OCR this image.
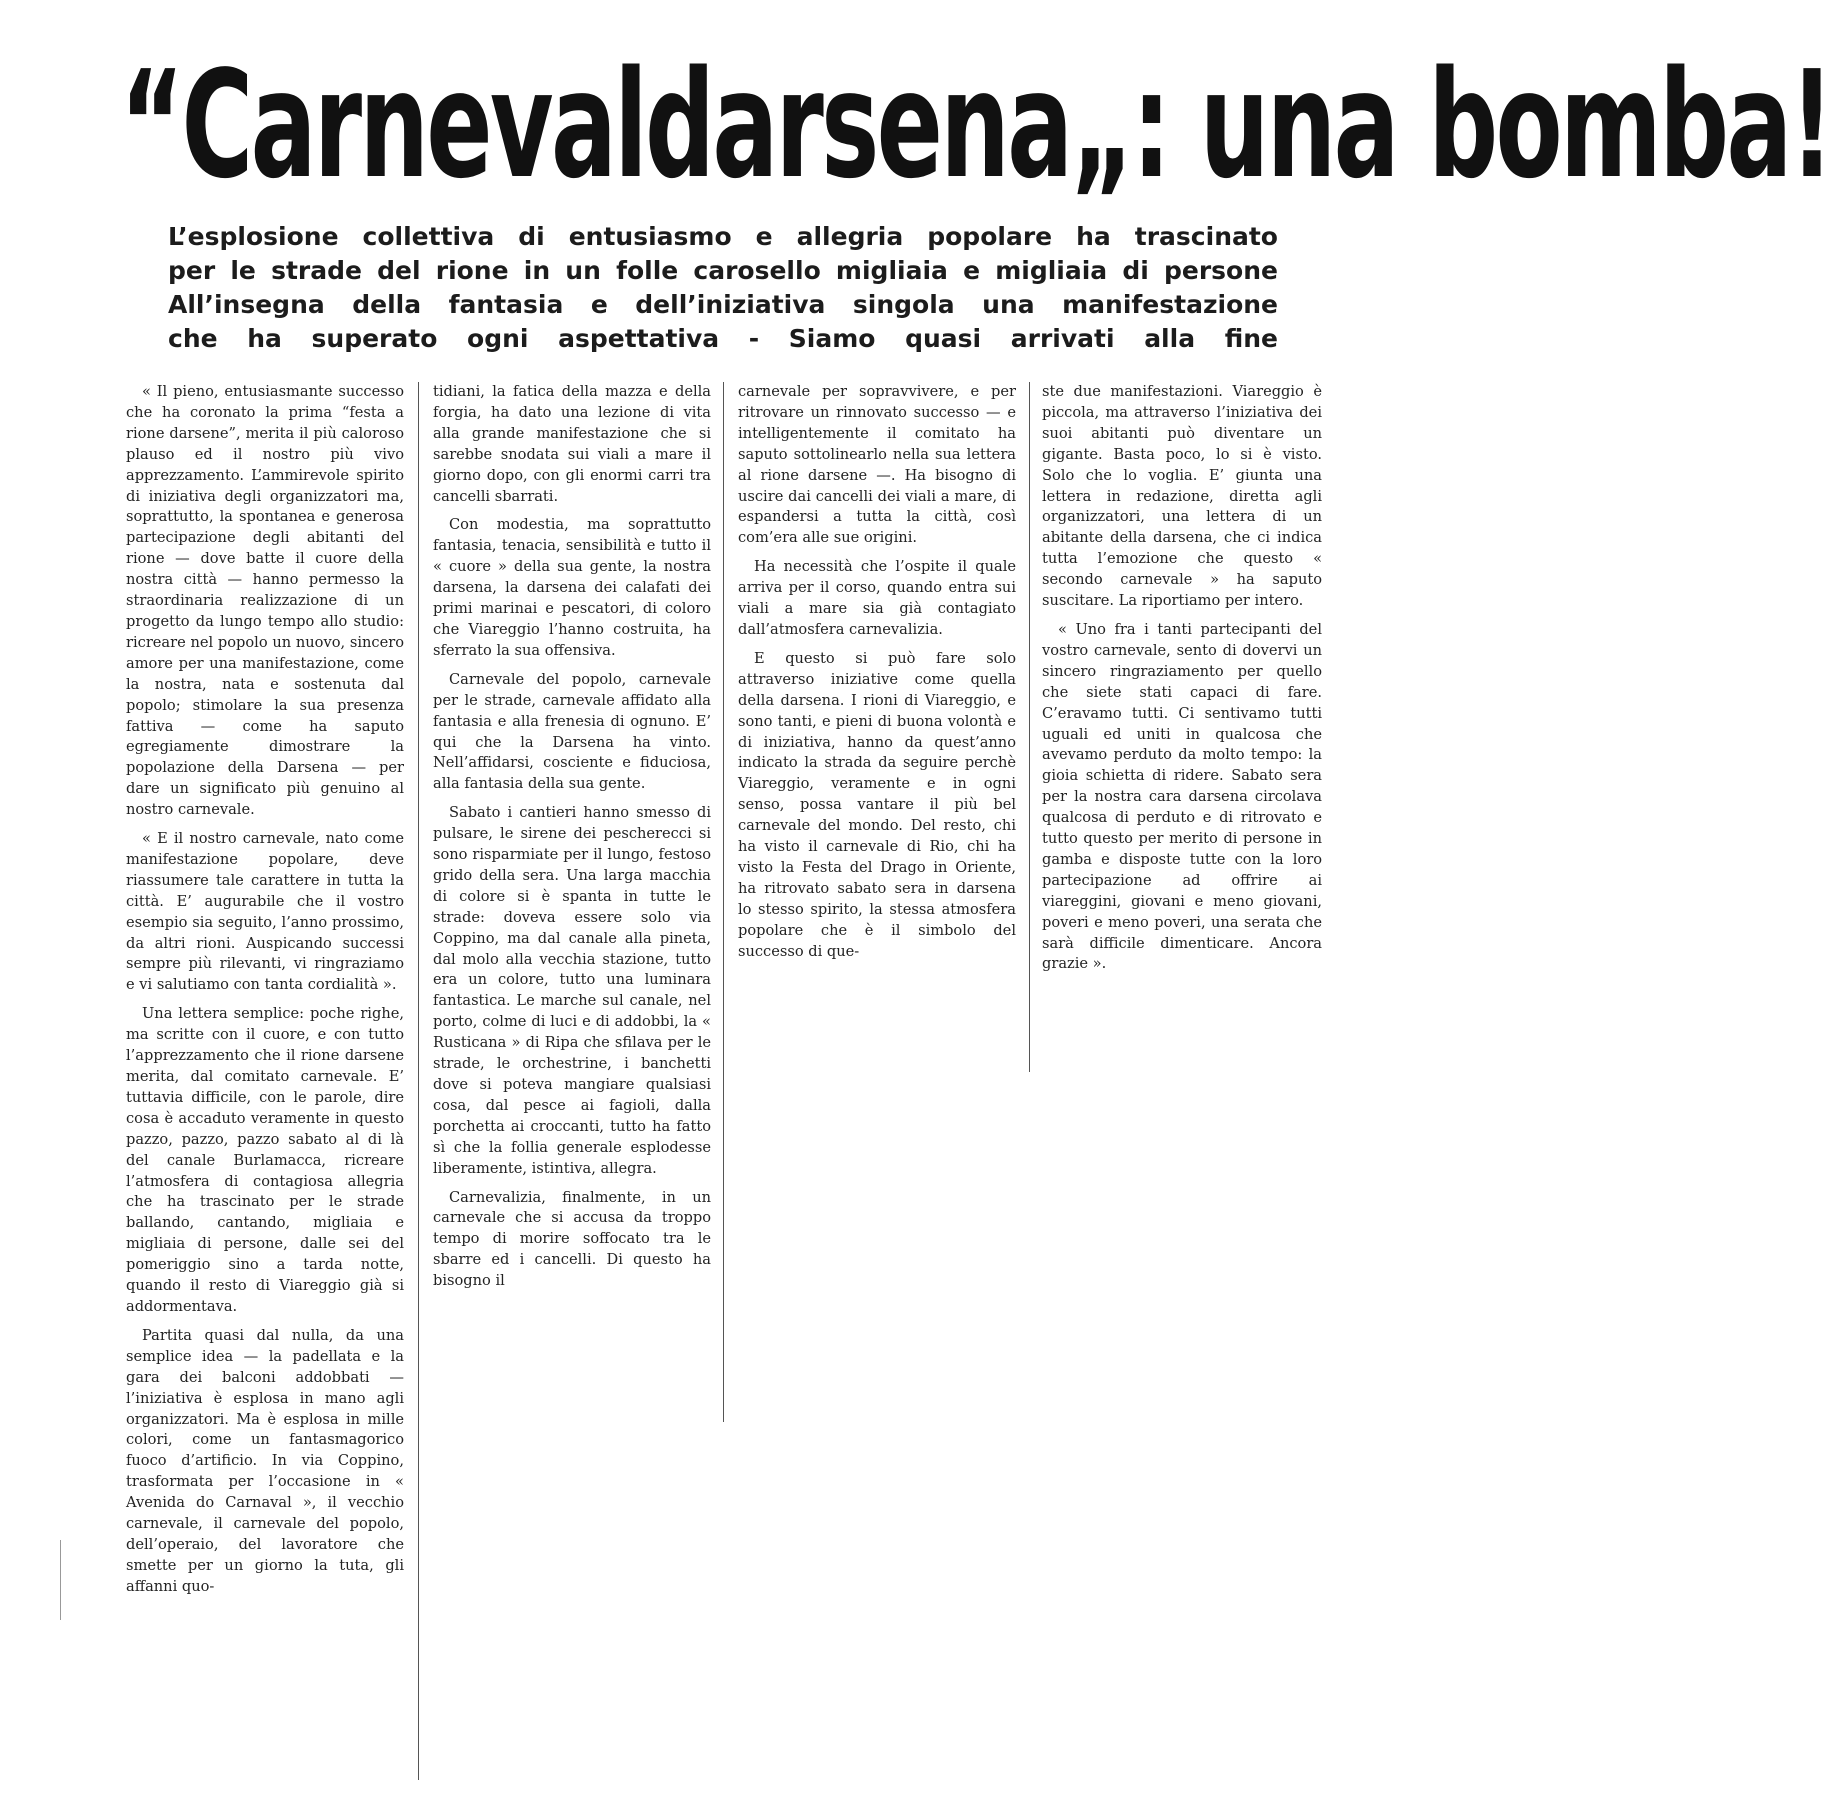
“Carnevaldarsena„: una bomba!
L’esplosione collettiva di entusiasmo e allegria popolare ha trascinato
per le strade del rione in un folle carosello migliaia e migliaia di persone
All’insegna della fantasia e dell’iniziativa singola una manifestazione
che ha superato ogni aspettativa - Siamo quasi arrivati alla fine

« Il pieno, entusiasmante successo che ha coronato la prima “festa a rione darsene”, merita il più caloroso plauso ed il nostro più vivo apprezzamento. L’ammirevole spirito di iniziativa degli organizzatori ma, soprattutto, la spontanea e generosa partecipazione degli abitanti del rione — dove batte il cuore della nostra città — hanno permesso la straordinaria realizzazione di un progetto da lungo tempo allo studio: ricreare nel popolo un nuovo, sincero amore per una manifestazione, come la nostra, nata e sostenuta dal popolo; stimolare la sua presenza fattiva — come ha saputo egregiamente dimostrare la popolazione della Darsena — per dare un significato più genuino al nostro carnevale.

« E il nostro carnevale, nato come manifestazione popolare, deve riassumere tale carattere in tutta la città. E’ augurabile che il vostro esempio sia seguito, l’anno prossimo, da altri rioni. Auspicando successi sempre più rilevanti, vi ringraziamo e vi salutiamo con tanta cordialità ».

Una lettera semplice: poche righe, ma scritte con il cuore, e con tutto l’apprezzamento che il rione darsene merita, dal comitato carnevale. E’ tuttavia difficile, con le parole, dire cosa è accaduto veramente in questo pazzo, pazzo, pazzo sabato al di là del canale Burlamacca, ricreare l’atmosfera di contagiosa allegria che ha trascinato per le strade ballando, cantando, migliaia e migliaia di persone, dalle sei del pomeriggio sino a tarda notte, quando il resto di Viareggio già si addormentava.

Partita quasi dal nulla, da una semplice idea — la padellata e la gara dei balconi addobbati — l’iniziativa è esplosa in mano agli organizzatori. Ma è esplosa in mille colori, come un fantasmagorico fuoco d’artificio. In via Coppino, trasformata per l’occasione in « Avenida do Carnaval », il vecchio carnevale, il carnevale del popolo, dell’operaio, del lavoratore che smette per un giorno la tuta, gli affanni quo-

tidiani, la fatica della mazza e della forgia, ha dato una lezione di vita alla grande manifestazione che si sarebbe snodata sui viali a mare il giorno dopo, con gli enormi carri tra cancelli sbarrati.

Con modestia, ma soprattutto fantasia, tenacia, sensibilità e tutto il « cuore » della sua gente, la nostra darsena, la darsena dei calafati dei primi marinai e pescatori, di coloro che Viareggio l’hanno costruita, ha sferrato la sua offensiva.

Carnevale del popolo, carnevale per le strade, carnevale affidato alla fantasia e alla frenesia di ognuno. E’ qui che la Darsena ha vinto. Nell’affidarsi, cosciente e fiduciosa, alla fantasia della sua gente.

Sabato i cantieri hanno smesso di pulsare, le sirene dei pescherecci si sono risparmiate per il lungo, festoso grido della sera. Una larga macchia di colore si è spanta in tutte le strade: doveva essere solo via Coppino, ma dal canale alla pineta, dal molo alla vecchia stazione, tutto era un colore, tutto una luminara fantastica. Le marche sul canale, nel porto, colme di luci e di addobbi, la « Rusticana » di Ripa che sfilava per le strade, le orchestrine, i banchetti dove si poteva mangiare qualsiasi cosa, dal pesce ai fagioli, dalla porchetta ai croccanti, tutto ha fatto sì che la follia generale esplodesse liberamente, istintiva, allegra.

Carnevalizia, finalmente, in un carnevale che si accusa da troppo tempo di morire soffocato tra le sbarre ed i cancelli. Di questo ha bisogno il

carnevale per sopravvivere, e per ritrovare un rinnovato successo — e intelligentemente il comitato ha saputo sottolinearlo nella sua lettera al rione darsene —. Ha bisogno di uscire dai cancelli dei viali a mare, di espandersi a tutta la città, così com’era alle sue origini.

Ha necessità che l’ospite il quale arriva per il corso, quando entra sui viali a mare sia già contagiato dall’atmosfera carnevalizia.

E questo si può fare solo attraverso iniziative come quella della darsena. I rioni di Viareggio, e sono tanti, e pieni di buona volontà e di iniziativa, hanno da quest’anno indicato la strada da seguire perchè Viareggio, veramente e in ogni senso, possa vantare il più bel carnevale del mondo. Del resto, chi ha visto il carnevale di Rio, chi ha visto la Festa del Drago in Oriente, ha ritrovato sabato sera in darsena lo stesso spirito, la stessa atmosfera popolare che è il simbolo del successo di que-

ste due manifestazioni. Viareggio è piccola, ma attraverso l’iniziativa dei suoi abitanti può diventare un gigante. Basta poco, lo si è visto. Solo che lo voglia. E’ giunta una lettera in redazione, diretta agli organizzatori, una lettera di un abitante della darsena, che ci indica tutta l’emozione che questo « secondo carnevale » ha saputo suscitare. La riportiamo per intero.

« Uno fra i tanti partecipanti del vostro carnevale, sento di dovervi un sincero ringraziamento per quello che siete stati capaci di fare. C’eravamo tutti. Ci sentivamo tutti uguali ed uniti in qualcosa che avevamo perduto da molto tempo: la gioia schietta di ridere. Sabato sera per la nostra cara darsena circolava qualcosa di perduto e di ritrovato e tutto questo per merito di persone in gamba e disposte tutte con la loro partecipazione ad offrire ai viareggini, giovani e meno giovani, poveri e meno poveri, una serata che sarà difficile dimenticare. Ancora grazie ».
